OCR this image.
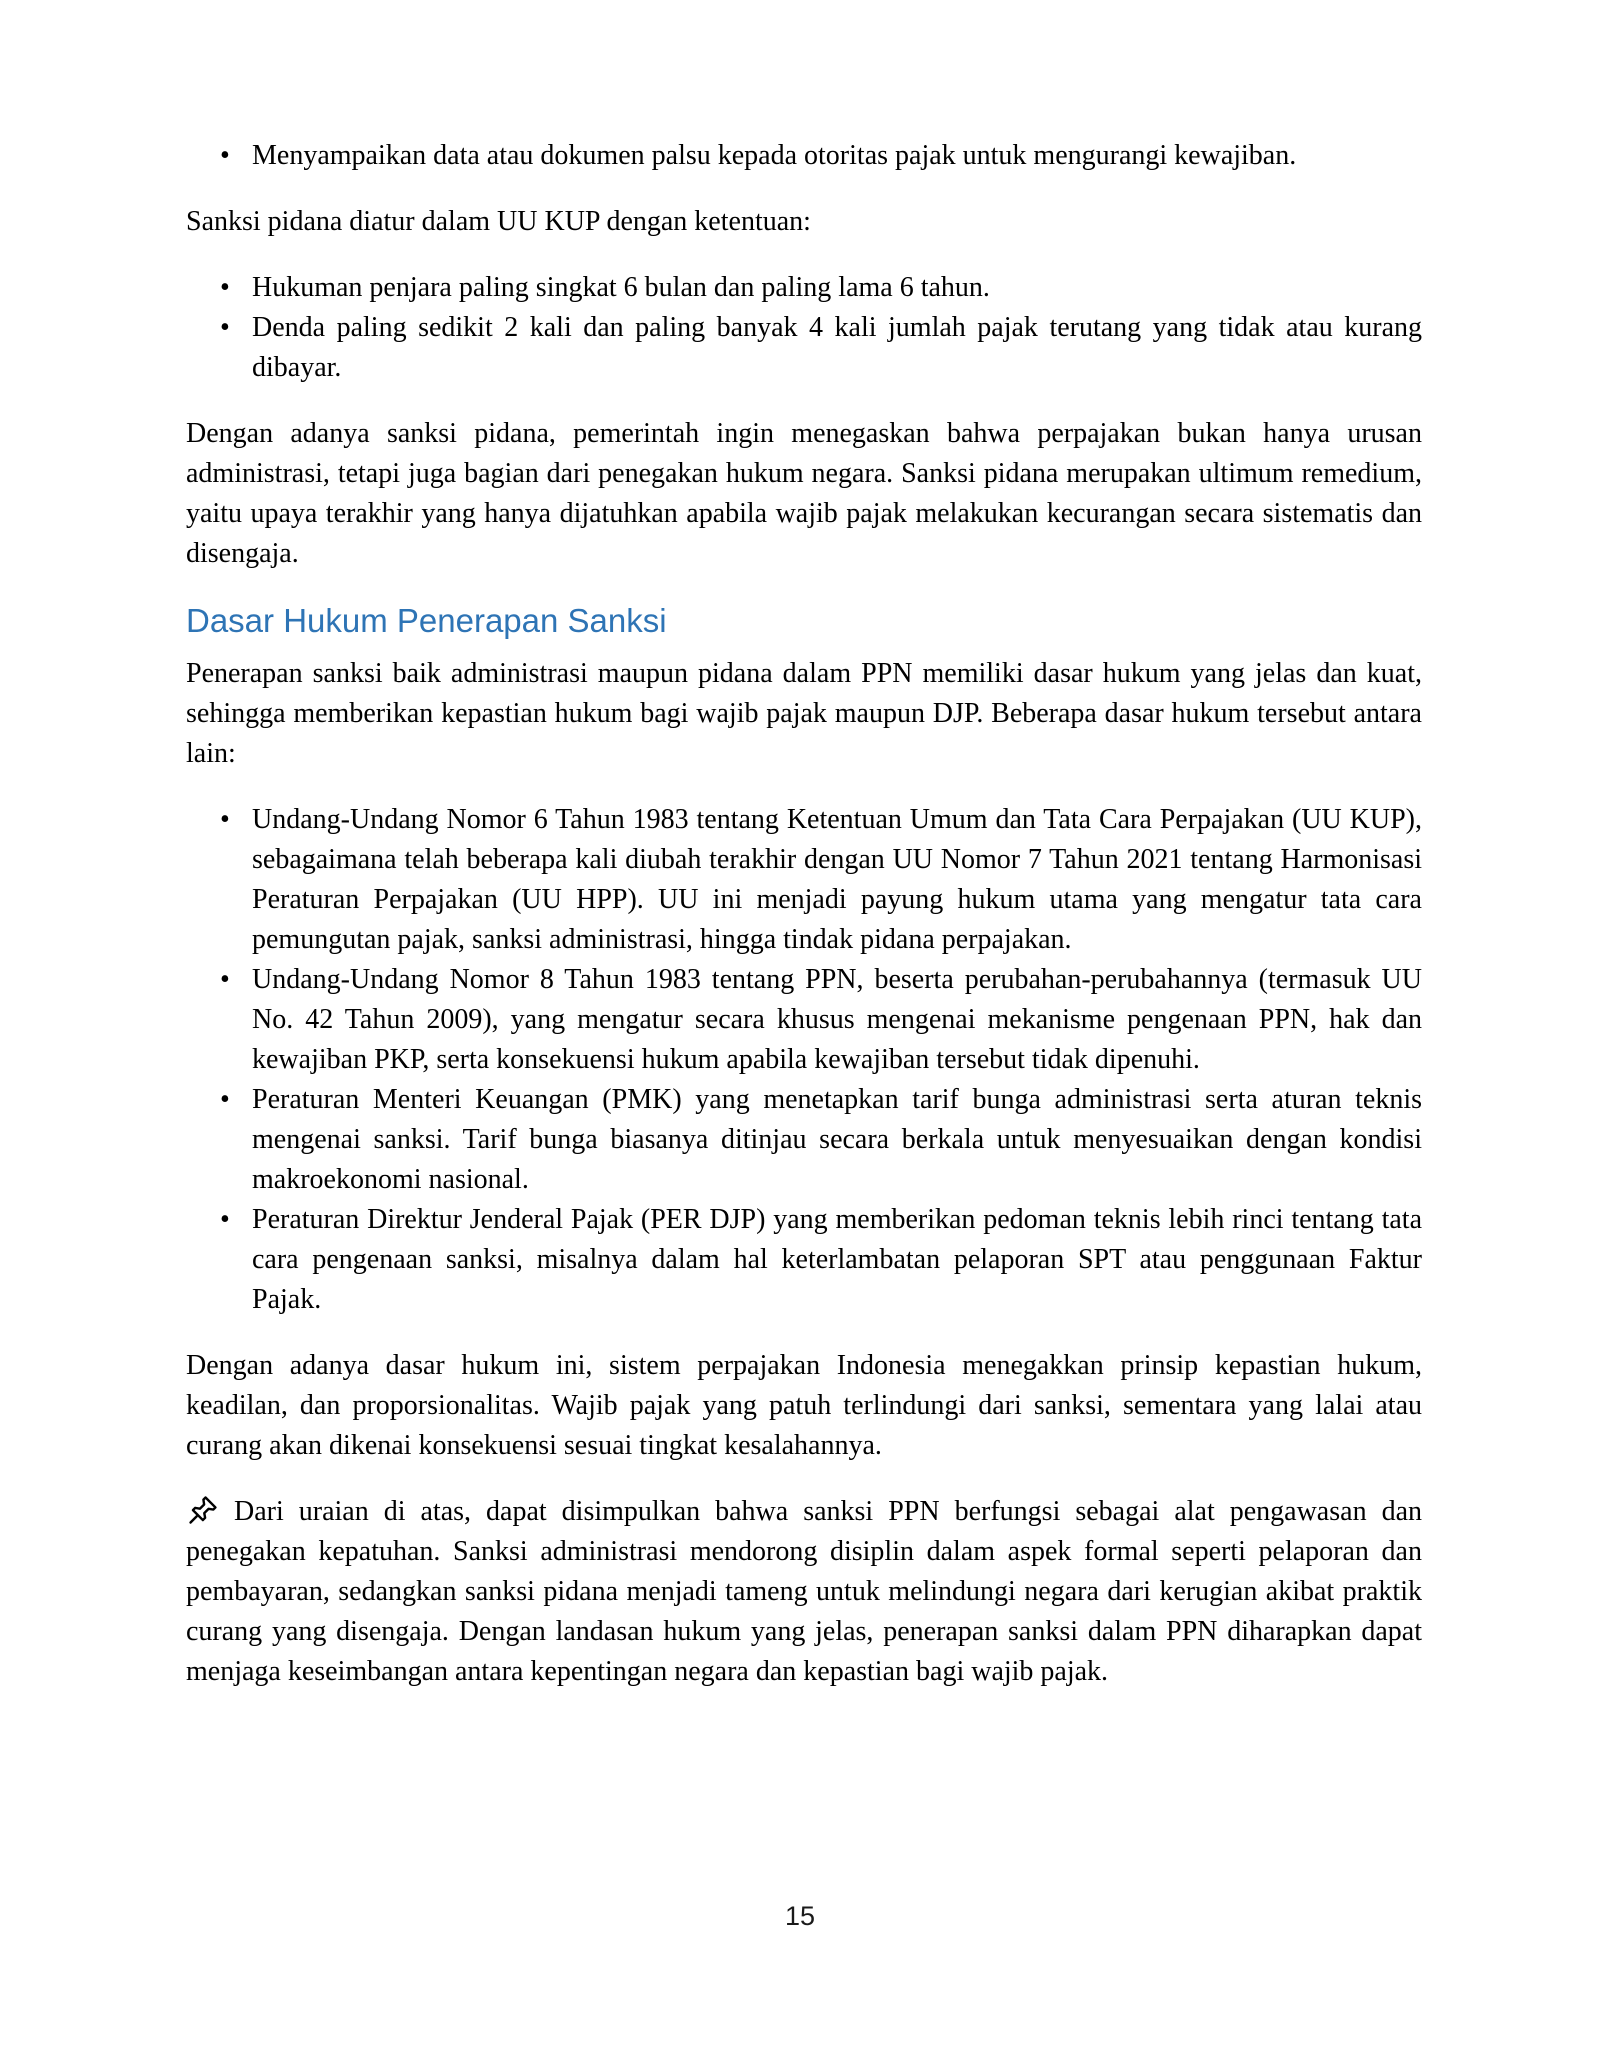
• Menyampaikan data atau dokumen palsu kepada otoritas pajak untuk mengurangi kewajiban.

Sanksi pidana diatur dalam UU KUP dengan ketentuan:

• Hukuman penjara paling singkat 6 bulan dan paling lama 6 tahun.
• Denda paling sedikit 2 kali dan paling banyak 4 kali jumlah pajak terutang yang tidak atau kurang dibayar.

Dengan adanya sanksi pidana, pemerintah ingin menegaskan bahwa perpajakan bukan hanya urusan administrasi, tetapi juga bagian dari penegakan hukum negara. Sanksi pidana merupakan ultimum remedium, yaitu upaya terakhir yang hanya dijatuhkan apabila wajib pajak melakukan kecurangan secara sistematis dan disengaja.

Dasar Hukum Penerapan Sanksi

Penerapan sanksi baik administrasi maupun pidana dalam PPN memiliki dasar hukum yang jelas dan kuat, sehingga memberikan kepastian hukum bagi wajib pajak maupun DJP. Beberapa dasar hukum tersebut antara lain:

• Undang-Undang Nomor 6 Tahun 1983 tentang Ketentuan Umum dan Tata Cara Perpajakan (UU KUP), sebagaimana telah beberapa kali diubah terakhir dengan UU Nomor 7 Tahun 2021 tentang Harmonisasi Peraturan Perpajakan (UU HPP). UU ini menjadi payung hukum utama yang mengatur tata cara pemungutan pajak, sanksi administrasi, hingga tindak pidana perpajakan.
• Undang-Undang Nomor 8 Tahun 1983 tentang PPN, beserta perubahan-perubahannya (termasuk UU No. 42 Tahun 2009), yang mengatur secara khusus mengenai mekanisme pengenaan PPN, hak dan kewajiban PKP, serta konsekuensi hukum apabila kewajiban tersebut tidak dipenuhi.
• Peraturan Menteri Keuangan (PMK) yang menetapkan tarif bunga administrasi serta aturan teknis mengenai sanksi. Tarif bunga biasanya ditinjau secara berkala untuk menyesuaikan dengan kondisi makroekonomi nasional.
• Peraturan Direktur Jenderal Pajak (PER DJP) yang memberikan pedoman teknis lebih rinci tentang tata cara pengenaan sanksi, misalnya dalam hal keterlambatan pelaporan SPT atau penggunaan Faktur Pajak.

Dengan adanya dasar hukum ini, sistem perpajakan Indonesia menegakkan prinsip kepastian hukum, keadilan, dan proporsionalitas. Wajib pajak yang patuh terlindungi dari sanksi, sementara yang lalai atau curang akan dikenai konsekuensi sesuai tingkat kesalahannya.

Dari uraian di atas, dapat disimpulkan bahwa sanksi PPN berfungsi sebagai alat pengawasan dan penegakan kepatuhan. Sanksi administrasi mendorong disiplin dalam aspek formal seperti pelaporan dan pembayaran, sedangkan sanksi pidana menjadi tameng untuk melindungi negara dari kerugian akibat praktik curang yang disengaja. Dengan landasan hukum yang jelas, penerapan sanksi dalam PPN diharapkan dapat menjaga keseimbangan antara kepentingan negara dan kepastian bagi wajib pajak.

15
